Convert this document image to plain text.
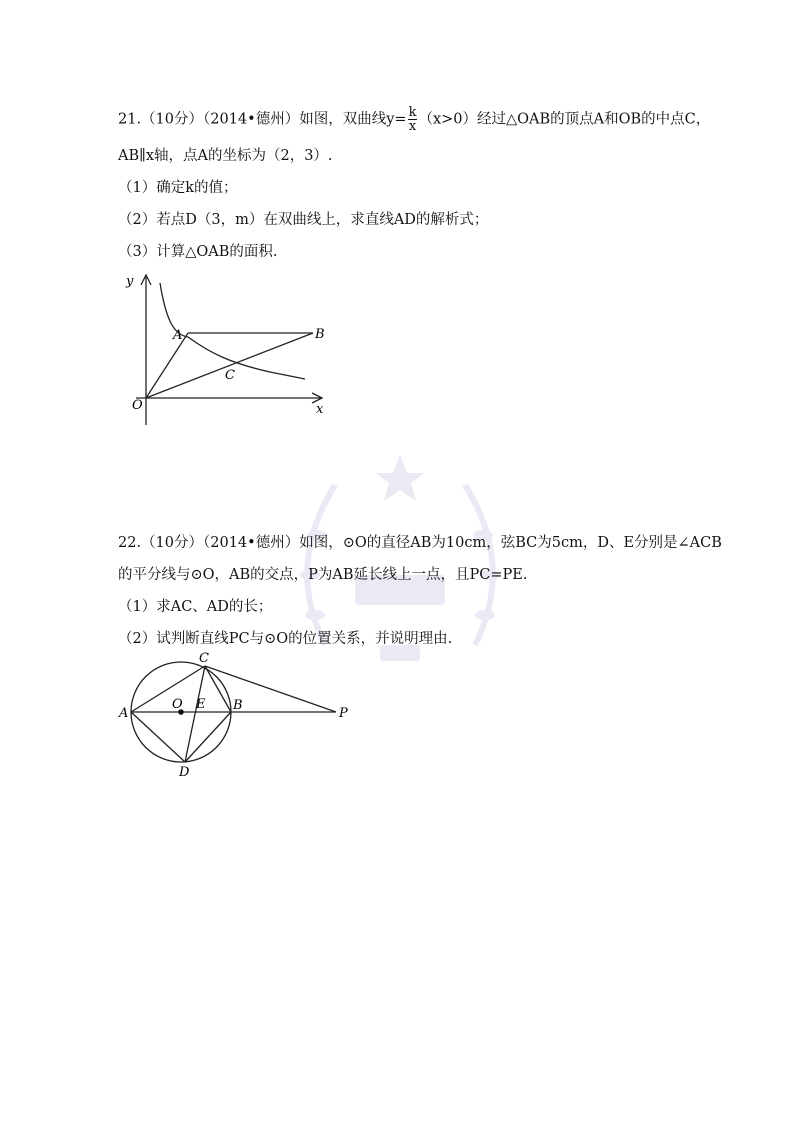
21.（10分）（2014•德州）如图，双曲线$y= \frac{k}{x} (x>0)$经过△OAB的顶点A和OB的中点C，
AB∥x轴，点A的坐标为（2，3）.
（1）确定k的值；
（2）若点D（3，m）在双曲线上，求直线AD的解析式；
（3）计算△OAB的面积.
y
x
O
A	B
C
22.（10分）（2014•德州）如图，⊙O的直径AB为10cm，弦BC为5cm，D、E分别是∠ACB
的平分线与⊙O，AB的交点，P为AB延长线上一点，且PC=PE.
（1）求AC、AD的长；
（2）试判断直线PC与⊙O的位置关系，并说明理由.
A
O E B
P
C
D
